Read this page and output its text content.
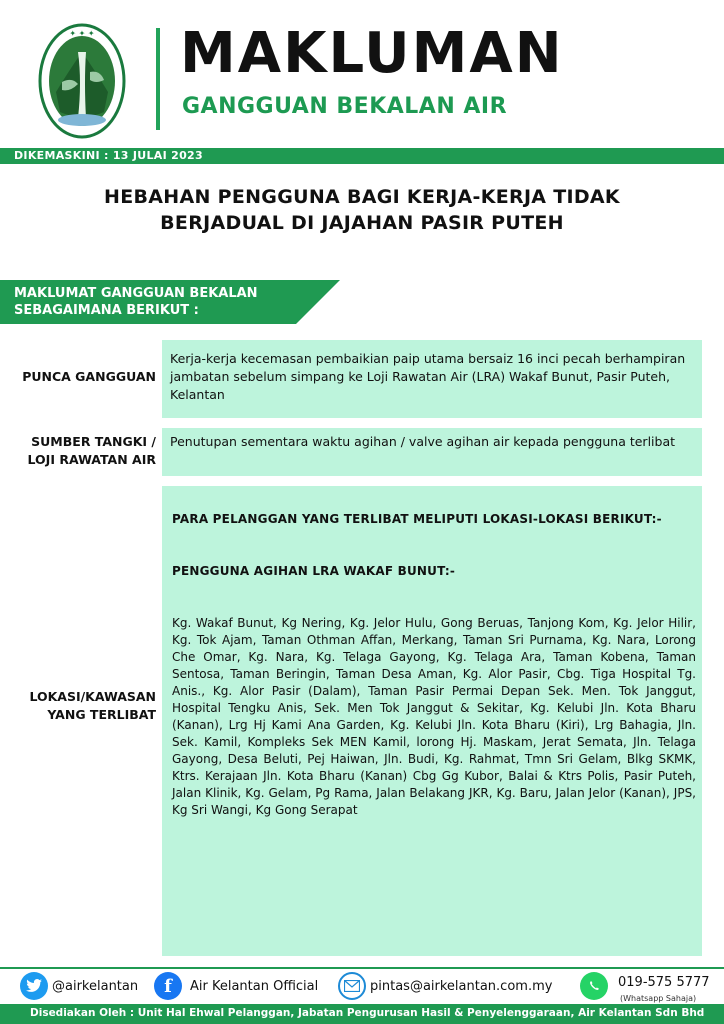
✦ ✦ ✦ MAKLUMAN
GANGGUAN BEKALAN AIR
DIKEMASKINI : 13 JULAI 2023
HEBAHAN PENGGUNA BAGI KERJA-KERJA TIDAK
BERJADUAL DI JAJAHAN PASIR PUTEH
MAKLUMAT GANGGUAN BEKALAN
SEBAGAIMANA BERIKUT :
PUNCA GANGGUAN
Kerja-kerja kecemasan pembaikian paip utama bersaiz 16 inci pecah berhampiran jambatan sebelum simpang ke Loji Rawatan Air (LRA) Wakaf Bunut, Pasir Puteh, Kelantan
SUMBER TANGKI /
LOJI RAWATAN AIR
Penutupan sementara waktu agihan / valve agihan air kepada pengguna terlibat
LOKASI/KAWASAN
YANG TERLIBAT
PARA PELANGGAN YANG TERLIBAT MELIPUTI LOKASI-LOKASI BERIKUT:-
PENGGUNA AGIHAN LRA WAKAF BUNUT:-
Kg. Wakaf Bunut, Kg Nering, Kg. Jelor Hulu, Gong Beruas, Tanjong Kom, Kg. Jelor Hilir, Kg. Tok Ajam, Taman Othman Affan, Merkang, Taman Sri Purnama, Kg. Nara, Lorong Che Omar, Kg. Nara, Kg. Telaga Gayong, Kg. Telaga Ara, Taman Kobena, Taman Sentosa, Taman Beringin, Taman Desa Aman, Kg. Alor Pasir, Cbg. Tiga Hospital Tg. Anis., Kg. Alor Pasir (Dalam), Taman Pasir Permai Depan Sek. Men. Tok Janggut, Hospital Tengku Anis, Sek. Men Tok Janggut & Sekitar, Kg. Kelubi Jln. Kota Bharu (Kanan), Lrg Hj Kami Ana Garden, Kg. Kelubi Jln. Kota Bharu (Kiri), Lrg Bahagia, Jln. Sek. Kamil, Kompleks Sek MEN Kamil, lorong Hj. Maskam, Jerat Semata, Jln. Telaga Gayong, Desa Beluti, Pej Haiwan, Jln. Budi, Kg. Rahmat, Tmn Sri Gelam, Blkg SKMK, Ktrs. Kerajaan Jln. Kota Bharu (Kanan) Cbg Gg Kubor, Balai & Ktrs Polis, Pasir Puteh, Jalan Klinik, Kg. Gelam, Pg Rama, Jalan Belakang JKR, Kg. Baru, Jalan Jelor (Kanan), JPS, Kg Sri Wangi, Kg Gong Serapat
@airkelantan	f	Air Kelantan Official	pintas@airkelantan.com.my	019-575 5777
(Whatsapp Sahaja)
Disediakan Oleh : Unit Hal Ehwal Pelanggan, Jabatan Pengurusan Hasil & Penyelenggaraan, Air Kelantan Sdn Bhd
